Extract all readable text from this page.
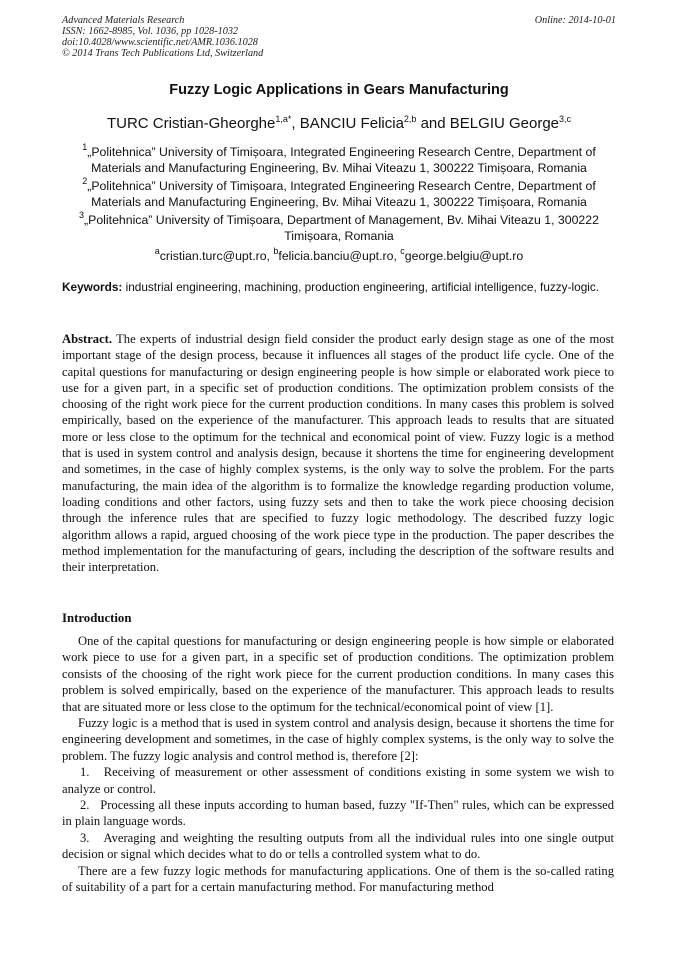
Advanced Materials Research
ISSN: 1662-8985, Vol. 1036, pp 1028-1032
doi:10.4028/www.scientific.net/AMR.1036.1028
© 2014 Trans Tech Publications Ltd, Switzerland
Online: 2014-10-01
Fuzzy Logic Applications in Gears Manufacturing
TURC Cristian-Gheorghe$^{1,a*}$, BANCIU Felicia$^{2,b}$ and BELGIU George$^{3,c}$
$^1$„Politehnica” University of Timișoara, Integrated Engineering Research Centre, Department of Materials and Manufacturing Engineering, Bv. Mihai Viteazu 1, 300222 Timișoara, Romania
$^2$„Politehnica” University of Timișoara, Integrated Engineering Research Centre, Department of Materials and Manufacturing Engineering, Bv. Mihai Viteazu 1, 300222 Timișoara, Romania
$^3$„Politehnica” University of Timișoara, Department of Management, Bv. Mihai Viteazu 1, 300222 Timișoara, Romania
$^a$cristian.turc@upt.ro, $^b$felicia.banciu@upt.ro, $^c$george.belgiu@upt.ro
Keywords: industrial engineering, machining, production engineering, artificial intelligence, fuzzy-logic.
Abstract. The experts of industrial design field consider the product early design stage as one of the most important stage of the design process, because it influences all stages of the product life cycle. One of the capital questions for manufacturing or design engineering people is how simple or elaborated work piece to use for a given part, in a specific set of production conditions. The optimization problem consists of the choosing of the right work piece for the current production conditions. In many cases this problem is solved empirically, based on the experience of the manufacturer. This approach leads to results that are situated more or less close to the optimum for the technical and economical point of view. Fuzzy logic is a method that is used in system control and analysis design, because it shortens the time for engineering development and sometimes, in the case of highly complex systems, is the only way to solve the problem. For the parts manufacturing, the main idea of the algorithm is to formalize the knowledge regarding production volume, loading conditions and other factors, using fuzzy sets and then to take the work piece choosing decision through the inference rules that are specified to fuzzy logic methodology. The described fuzzy logic algorithm allows a rapid, argued choosing of the work piece type in the production. The paper describes the method implementation for the manufacturing of gears, including the description of the software results and their interpretation.
Introduction

One of the capital questions for manufacturing or design engineering people is how simple or elaborated work piece to use for a given part, in a specific set of production conditions. The optimization problem consists of the choosing of the right work piece for the current production conditions. In many cases this problem is solved empirically, based on the experience of the manufacturer. This approach leads to results that are situated more or less close to the optimum for the technical/economical point of view [1].

Fuzzy logic is a method that is used in system control and analysis design, because it shortens the time for engineering development and sometimes, in the case of highly complex systems, is the only way to solve the problem. The fuzzy logic analysis and control method is, therefore [2]:

1.   Receiving of measurement or other assessment of conditions existing in some system we wish to analyze or control.

2.   Processing all these inputs according to human based, fuzzy "If-Then" rules, which can be expressed in plain language words.

3.   Averaging and weighting the resulting outputs from all the individual rules into one single output decision or signal which decides what to do or tells a controlled system what to do.

There are a few fuzzy logic methods for manufacturing applications. One of them is the so-called rating of suitability of a part for a certain manufacturing method. For manufacturing method
